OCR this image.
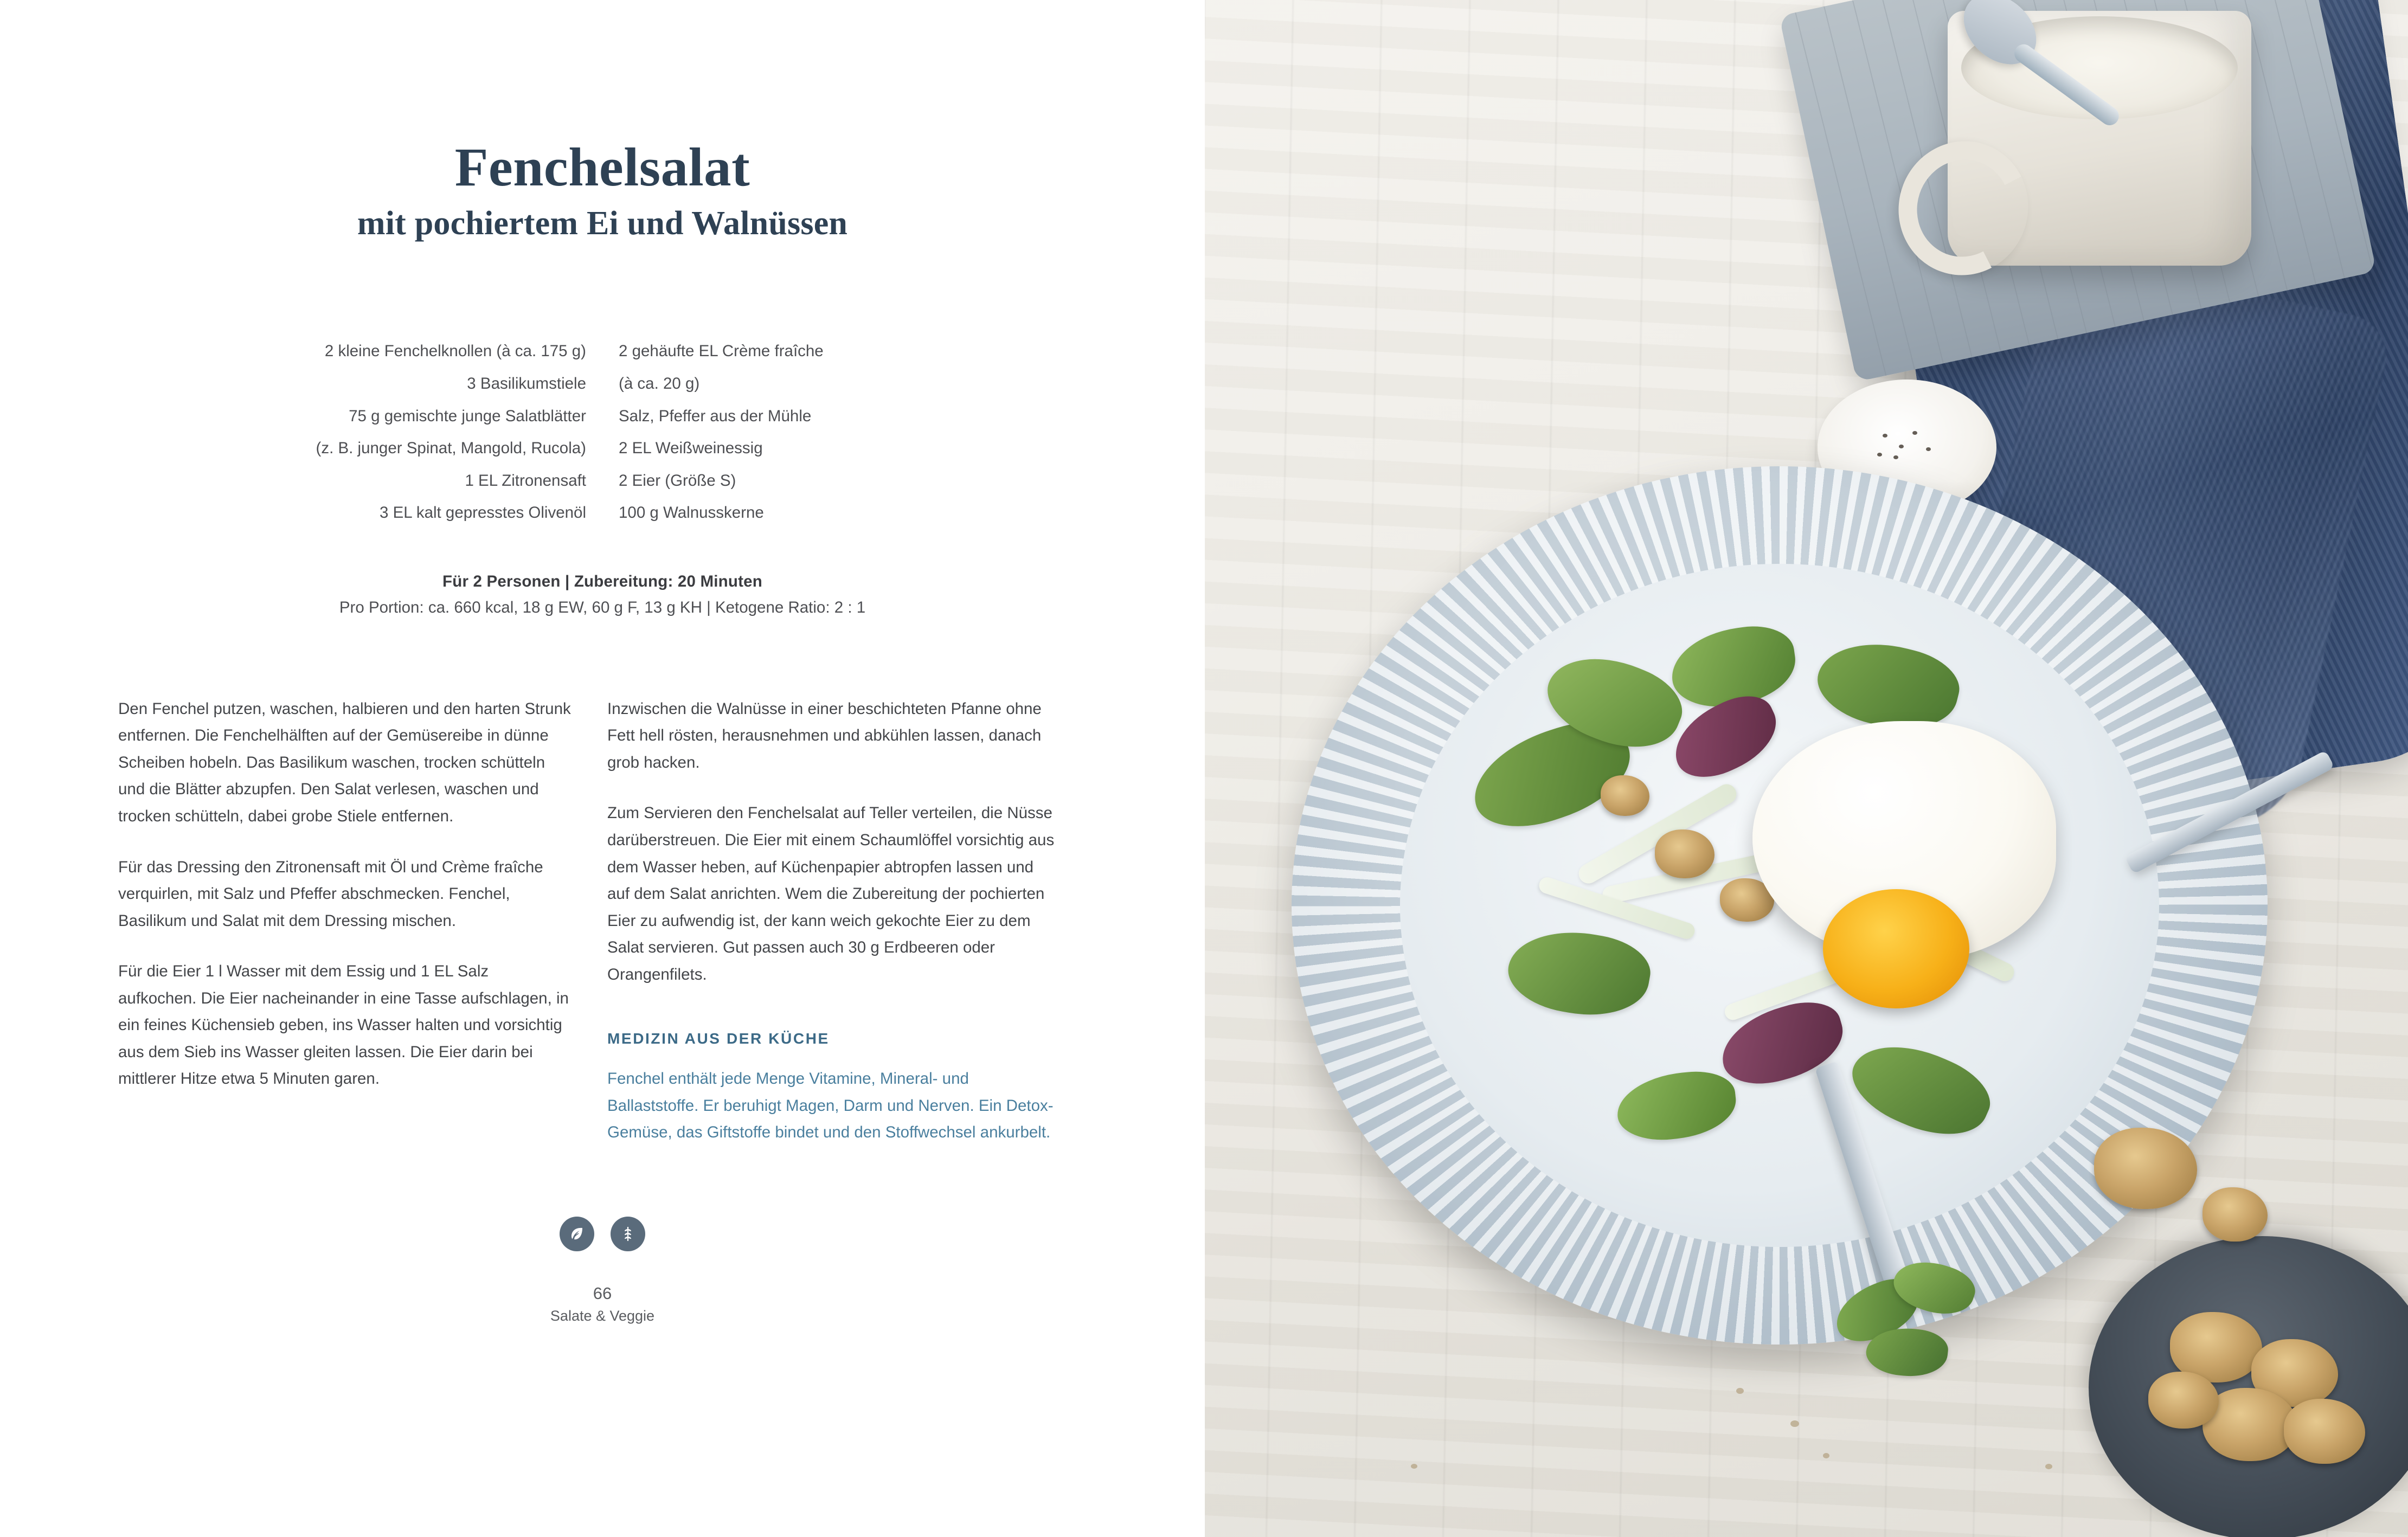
Fenchelsalat
mit pochiertem Ei und Walnüssen
2 kleine Fenchelknollen (à ca. 175 g)
3 Basilikumstiele
75 g gemischte junge Salatblätter
(z. B. junger Spinat, Mangold, Rucola)
1 EL Zitronensaft
3 EL kalt gepresstes Olivenöl
2 gehäufte EL Crème fraîche
(à ca. 20 g)
Salz, Pfeffer aus der Mühle
2 EL Weißweinessig
2 Eier (Größe S)
100 g Walnusskerne
Für 2 Personen | Zubereitung: 20 Minuten
Pro Portion: ca. 660 kcal, 18 g EW, 60 g F, 13 g KH | Ketogene Ratio: 2 : 1

Den Fenchel putzen, waschen, halbieren und den harten Strunk entfernen. Die Fenchelhälften auf der Gemüsereibe in dünne Scheiben hobeln. Das Basilikum waschen, trocken schütteln und die Blätter abzupfen. Den Salat verlesen, waschen und trocken schütteln, dabei grobe Stiele entfernen.

Für das Dressing den Zitronensaft mit Öl und Crème fraîche verquirlen, mit Salz und Pfeffer abschmecken. Fenchel, Basilikum und Salat mit dem Dressing mischen.

Für die Eier 1 l Wasser mit dem Essig und 1 EL Salz aufkochen. Die Eier nacheinander in eine Tasse aufschlagen, in ein feines Küchensieb geben, ins Wasser halten und vorsichtig aus dem Sieb ins Wasser gleiten lassen. Die Eier darin bei mittlerer Hitze etwa 5 Minuten garen.

Inzwischen die Walnüsse in einer beschichteten Pfanne ohne Fett hell rösten, herausnehmen und abkühlen lassen, danach grob hacken.

Zum Servieren den Fenchelsalat auf Teller verteilen, die Nüsse darüberstreuen. Die Eier mit einem Schaumlöffel vorsichtig aus dem Wasser heben, auf Küchenpapier abtropfen lassen und auf dem Salat anrichten. Wem die Zubereitung der pochierten Eier zu aufwendig ist, der kann weich gekochte Eier zu dem Salat servieren. Gut passen auch 30 g Erdbeeren oder Orangenfilets.

MEDIZIN AUS DER KÜCHE

Fenchel enthält jede Menge Vitamine, Mineral- und Ballaststoffe. Er beruhigt Magen, Darm und Nerven. Ein Detox-Gemüse, das Giftstoffe bindet und den Stoffwechsel ankurbelt.

66
Salate & Veggie
